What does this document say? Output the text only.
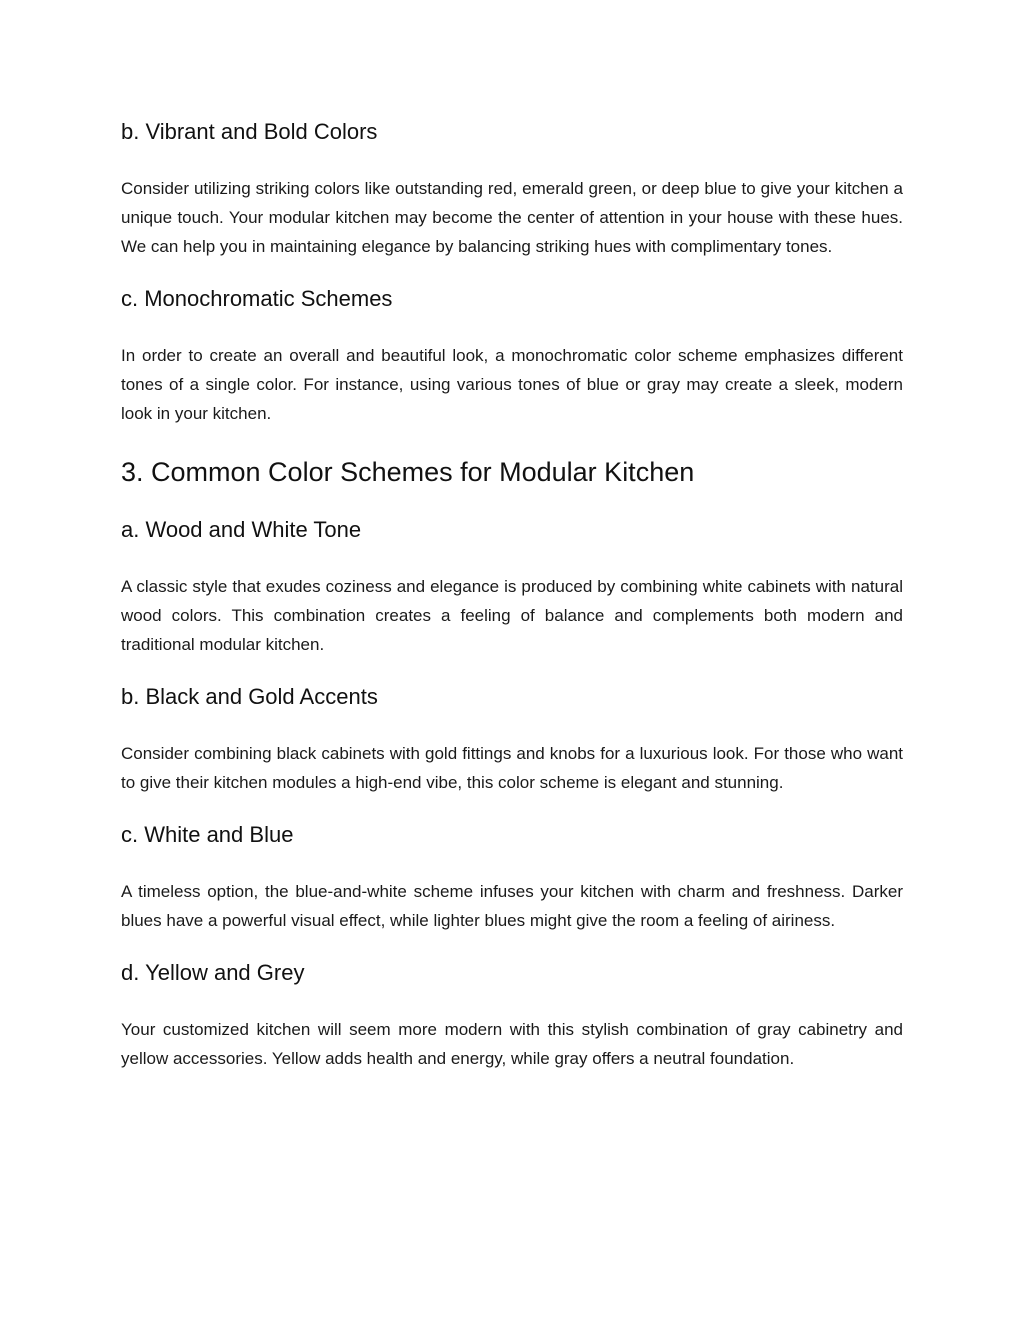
b. Vibrant and Bold Colors

Consider utilizing striking colors like outstanding red, emerald green, or deep blue to give your kitchen a unique touch. Your modular kitchen may become the center of attention in your house with these hues. We can help you in maintaining elegance by balancing striking hues with complimentary tones.

c. Monochromatic Schemes

In order to create an overall and beautiful look, a monochromatic color scheme emphasizes different tones of a single color. For instance, using various tones of blue or gray may create a sleek, modern look in your kitchen.

3. Common Color Schemes for Modular Kitchen
a. Wood and White Tone

A classic style that exudes coziness and elegance is produced by combining white cabinets with natural wood colors. This combination creates a feeling of balance and complements both modern and traditional modular kitchen.

b. Black and Gold Accents

Consider combining black cabinets with gold fittings and knobs for a luxurious look. For those who want to give their kitchen modules a high-end vibe, this color scheme is elegant and stunning.

c. White and Blue

A timeless option, the blue-and-white scheme infuses your kitchen with charm and freshness. Darker blues have a powerful visual effect, while lighter blues might give the room a feeling of airiness.

d. Yellow and Grey

Your customized kitchen will seem more modern with this stylish combination of gray cabinetry and yellow accessories. Yellow adds health and energy, while gray offers a neutral foundation.
